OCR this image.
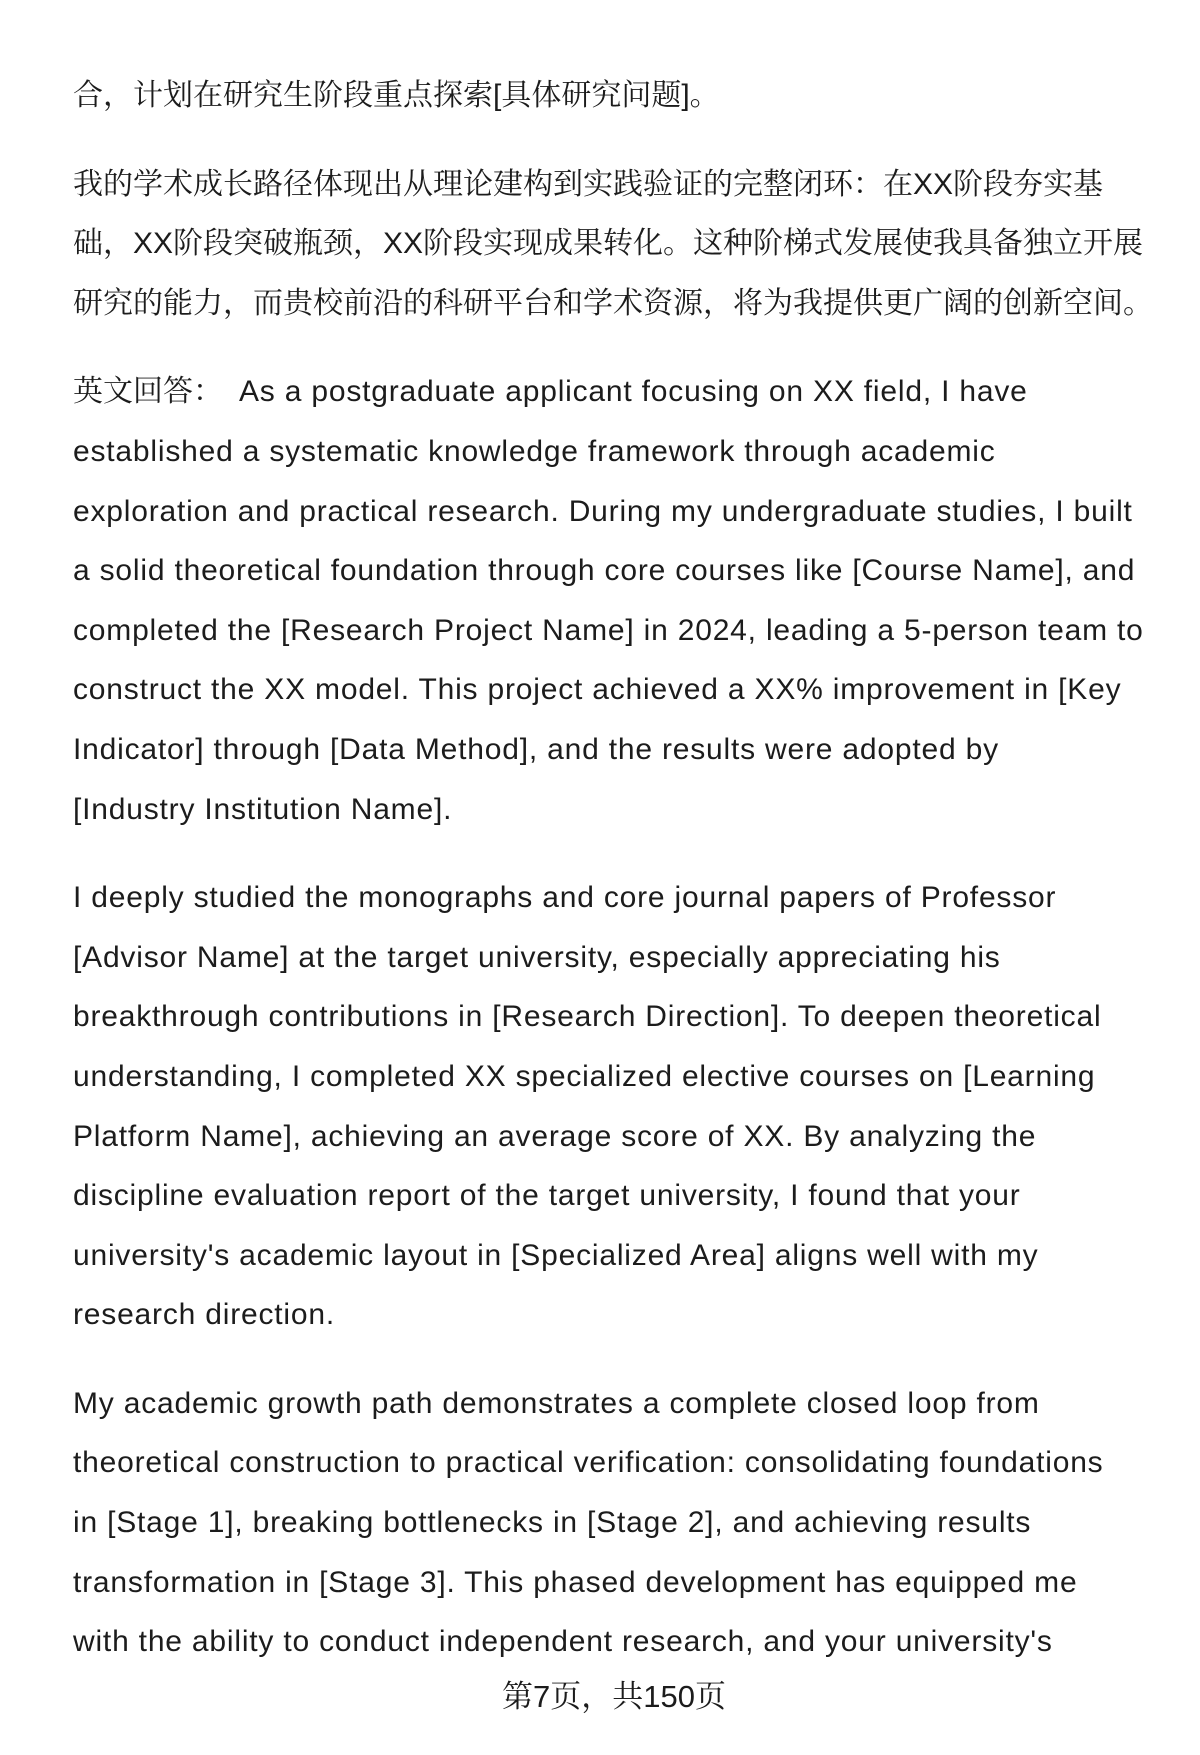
合，计划在研究生阶段重点探索[具体研究问题]。
我的学术成长路径体现出从理论建构到实践验证的完整闭环：在XX阶段夯实基
础，XX阶段突破瓶颈，XX阶段实现成果转化。这种阶梯式发展使我具备独立开展
研究的能力，而贵校前沿的科研平台和学术资源，将为我提供更广阔的创新空间。
英文回答： As a postgraduate applicant focusing on XX field, I have
established a systematic knowledge framework through academic
exploration and practical research. During my undergraduate studies, I built
a solid theoretical foundation through core courses like [Course Name], and
completed the [Research Project Name] in 2024, leading a 5-person team to
construct the XX model. This project achieved a XX% improvement in [Key
Indicator] through [Data Method], and the results were adopted by
[Industry Institution Name].
I deeply studied the monographs and core journal papers of Professor
[Advisor Name] at the target university, especially appreciating his
breakthrough contributions in [Research Direction]. To deepen theoretical
understanding, I completed XX specialized elective courses on [Learning
Platform Name], achieving an average score of XX. By analyzing the
discipline evaluation report of the target university, I found that your
university's academic layout in [Specialized Area] aligns well with my
research direction.
My academic growth path demonstrates a complete closed loop from
theoretical construction to practical verification: consolidating foundations
in [Stage 1], breaking bottlenecks in [Stage 2], and achieving results
transformation in [Stage 3]. This phased development has equipped me
with the ability to conduct independent research, and your university's
第7页，共150页
